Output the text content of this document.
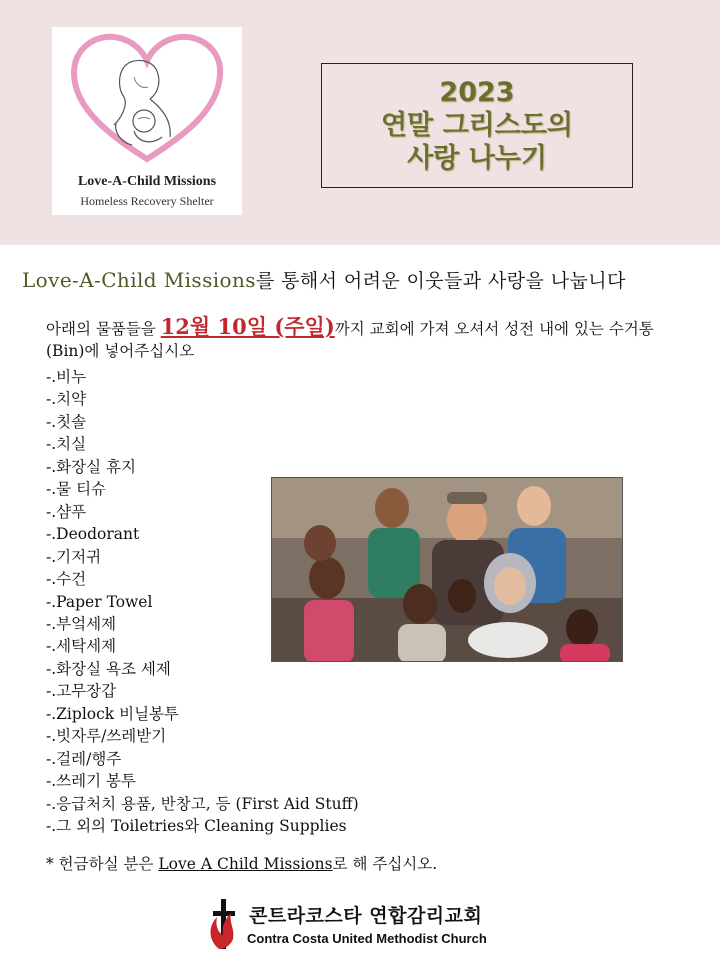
Love-A-Child Missions
Homeless Recovery Shelter
2023
연말 그리스도의
사랑 나누기
Love-A-Child Missions를 통해서 어려운 이웃들과 사랑을 나눕니다
아래의 물품들을 12월 10일 (주일)까지 교회에 가져 오셔서 성전 내에 있는 수거통(Bin)에 넣어주십시오
-.비누
-.치약
-.칫솔
-.치실
-.화장실 휴지
-.물 티슈
-.샴푸
-.Deodorant
-.기저귀
-.수건
-.Paper Towel
-.부엌세제
-.세탁세제
-.화장실 욕조 세제
-.고무장갑
-.Ziplock 비닐봉투
-.빗자루/쓰레받기
-.걸레/행주
-.쓰레기 봉투
-.응급처치 용품, 반창고, 등 (First Aid Stuff)
-.그 외의 Toiletries와 Cleaning Supplies
* 헌금하실 분은 Love A Child Missions로 해 주십시오.
콘트라코스타 연합감리교회
Contra Costa United Methodist Church
